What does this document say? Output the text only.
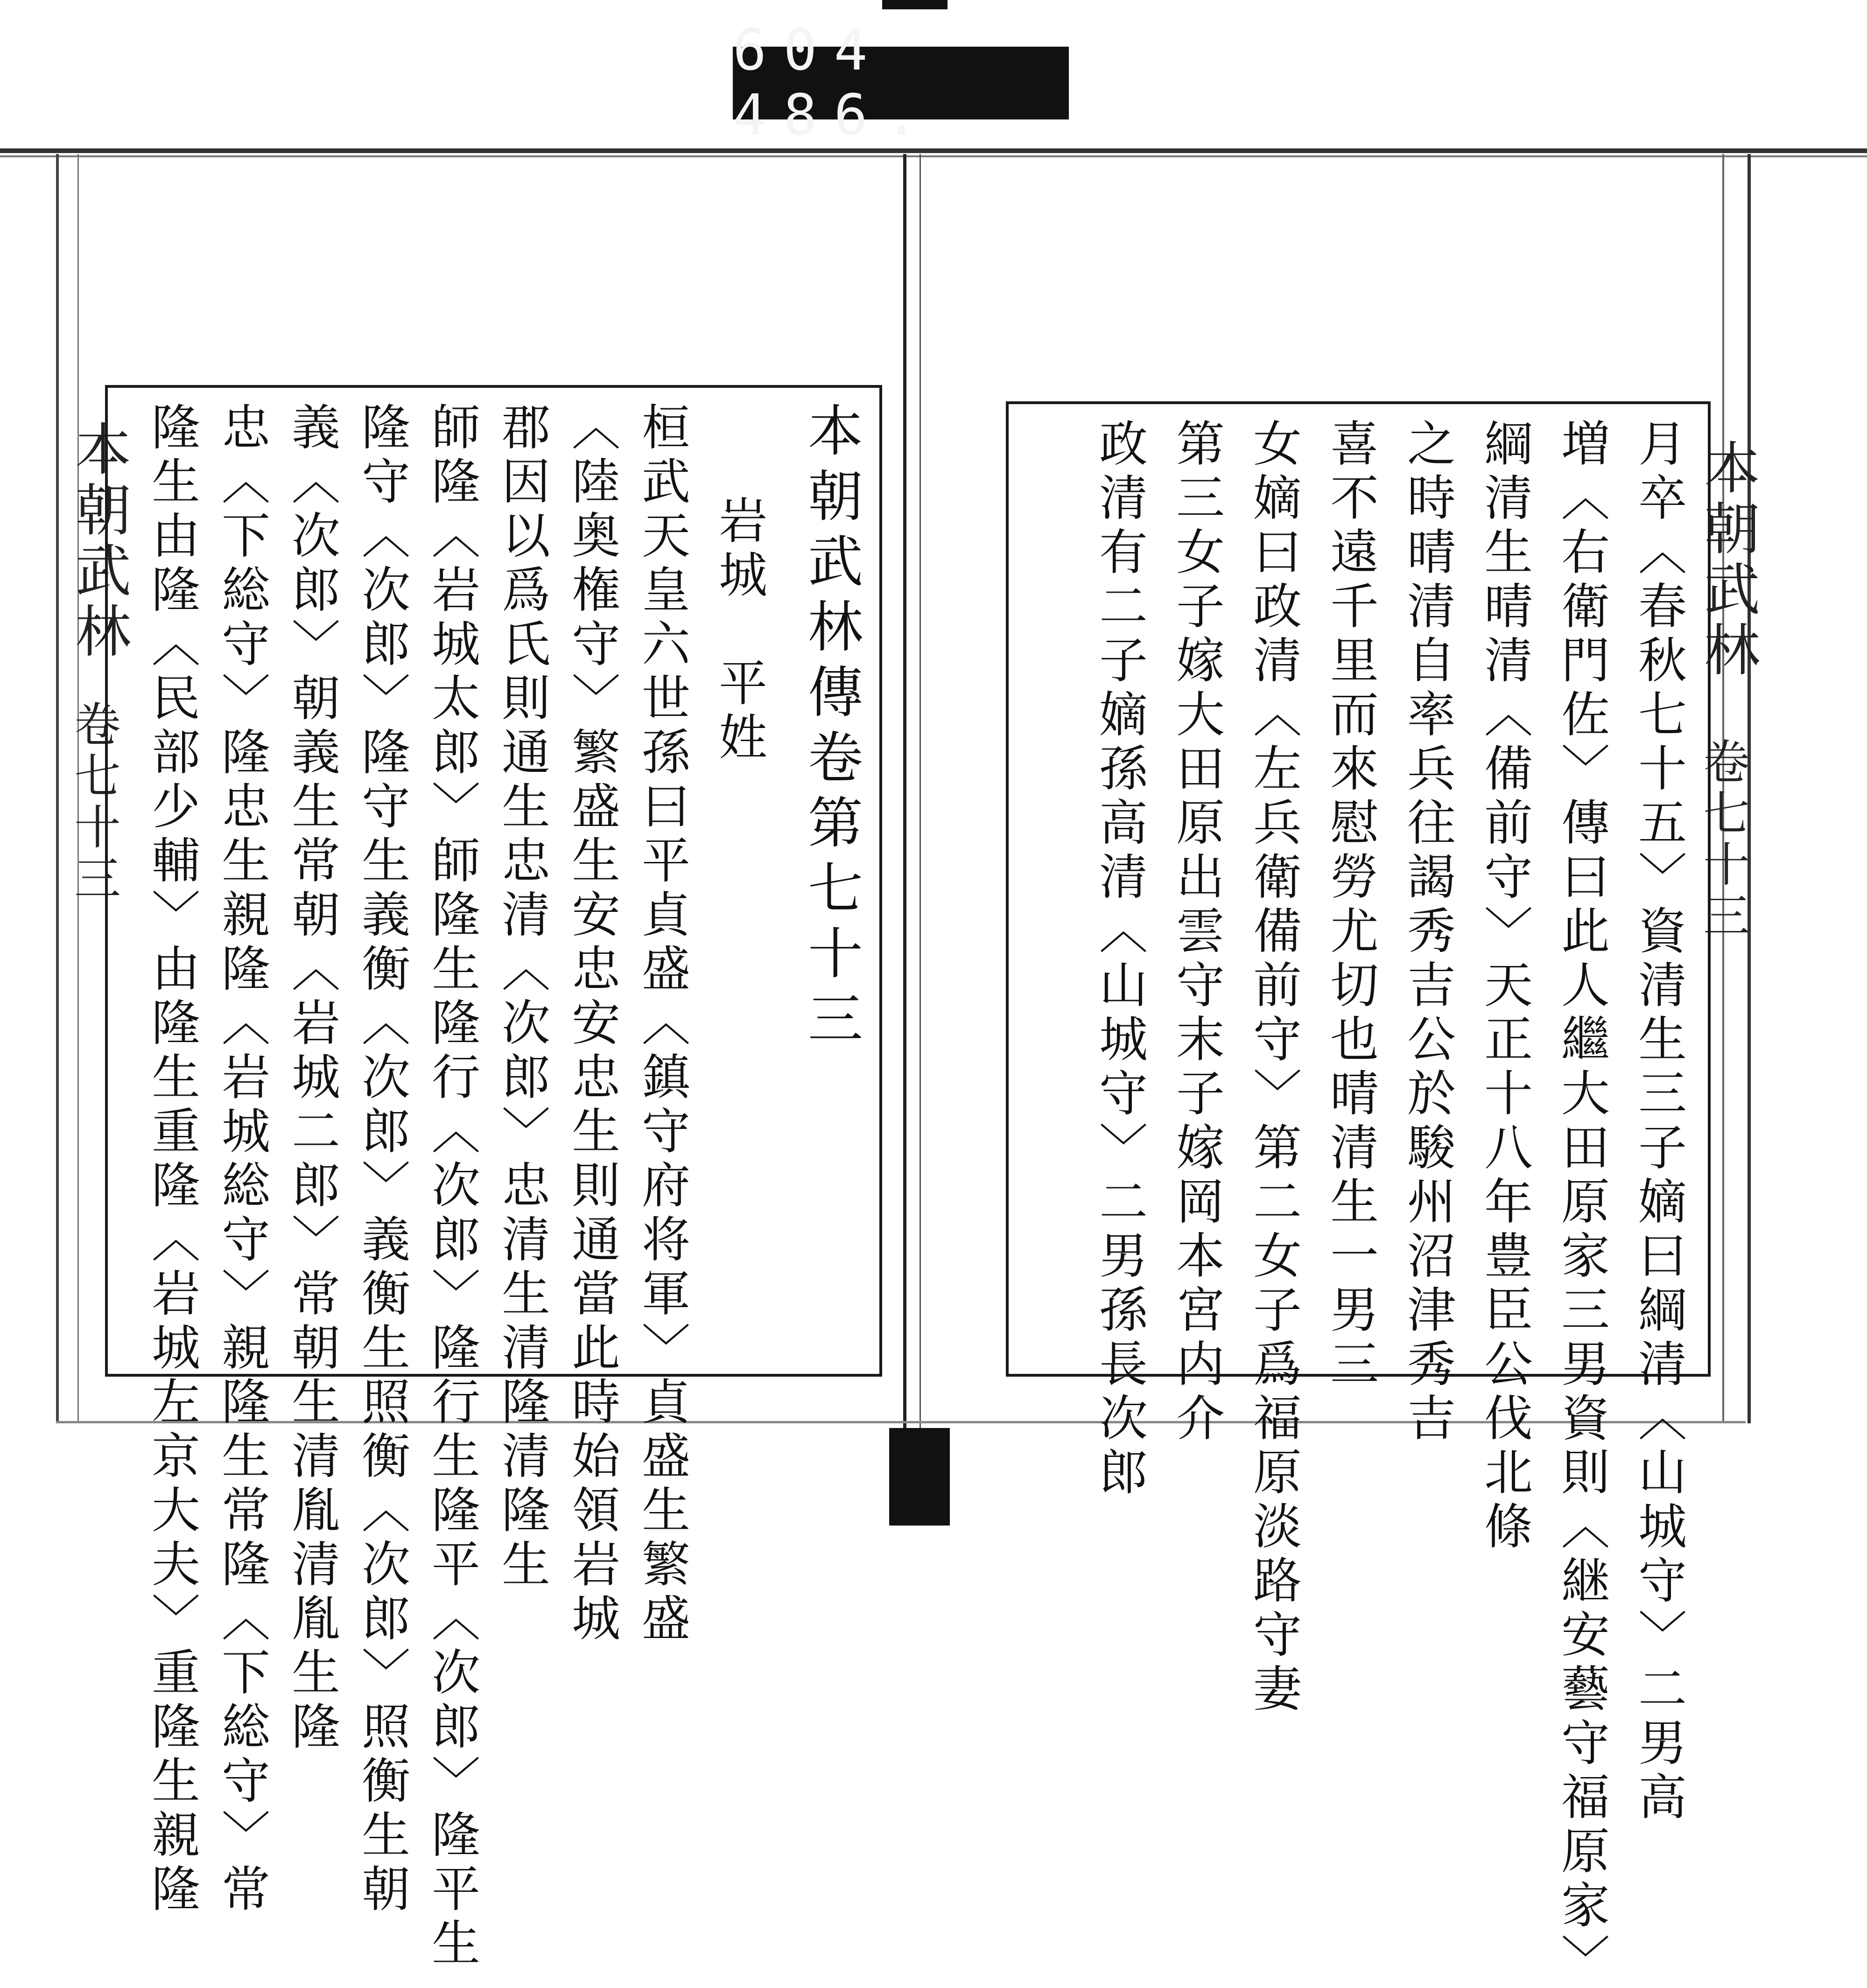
604 486.
本朝武林
卷七十三
本朝武林
卷七十三
本朝武林傳卷第七十三
岩城　平姓
桓武天皇六世孫曰平貞盛〈鎮守府将軍〉貞盛生繁盛
〈陸奥権守〉繁盛生安忠安忠生則通當此時始領岩城
郡因以爲氏則通生忠清〈次郎〉忠清生清隆清隆生
師隆〈岩城太郎〉師隆生隆行〈次郎〉隆行生隆平〈次郎〉隆平生
隆守〈次郎〉隆守生義衡〈次郎〉義衡生照衡〈次郎〉照衡生朝
義〈次郎〉朝義生常朝〈岩城二郎〉常朝生清胤清胤生隆
忠〈下総守〉隆忠生親隆〈岩城総守〉親隆生常隆〈下総守〉常
隆生由隆〈民部少輔〉由隆生重隆〈岩城左京大夫〉重隆生親隆	月卒〈春秋七十五〉資清生三子嫡曰綱清〈山城守〉二男高
増〈右衛門佐〉傳曰此人繼大田原家三男資則〈継安藝守福原家〉
綱清生晴清〈備前守〉天正十八年豊臣公伐北條
之時晴清自率兵往謁秀吉公於駿州沼津秀吉
喜不遠千里而來慰勞尤切也晴清生一男三
女嫡曰政清〈左兵衛備前守〉第二女子爲福原淡路守妻
第三女子嫁大田原出雲守末子嫁岡本宮内介
政清有二子嫡孫高清〈山城守〉二男孫長次郎
